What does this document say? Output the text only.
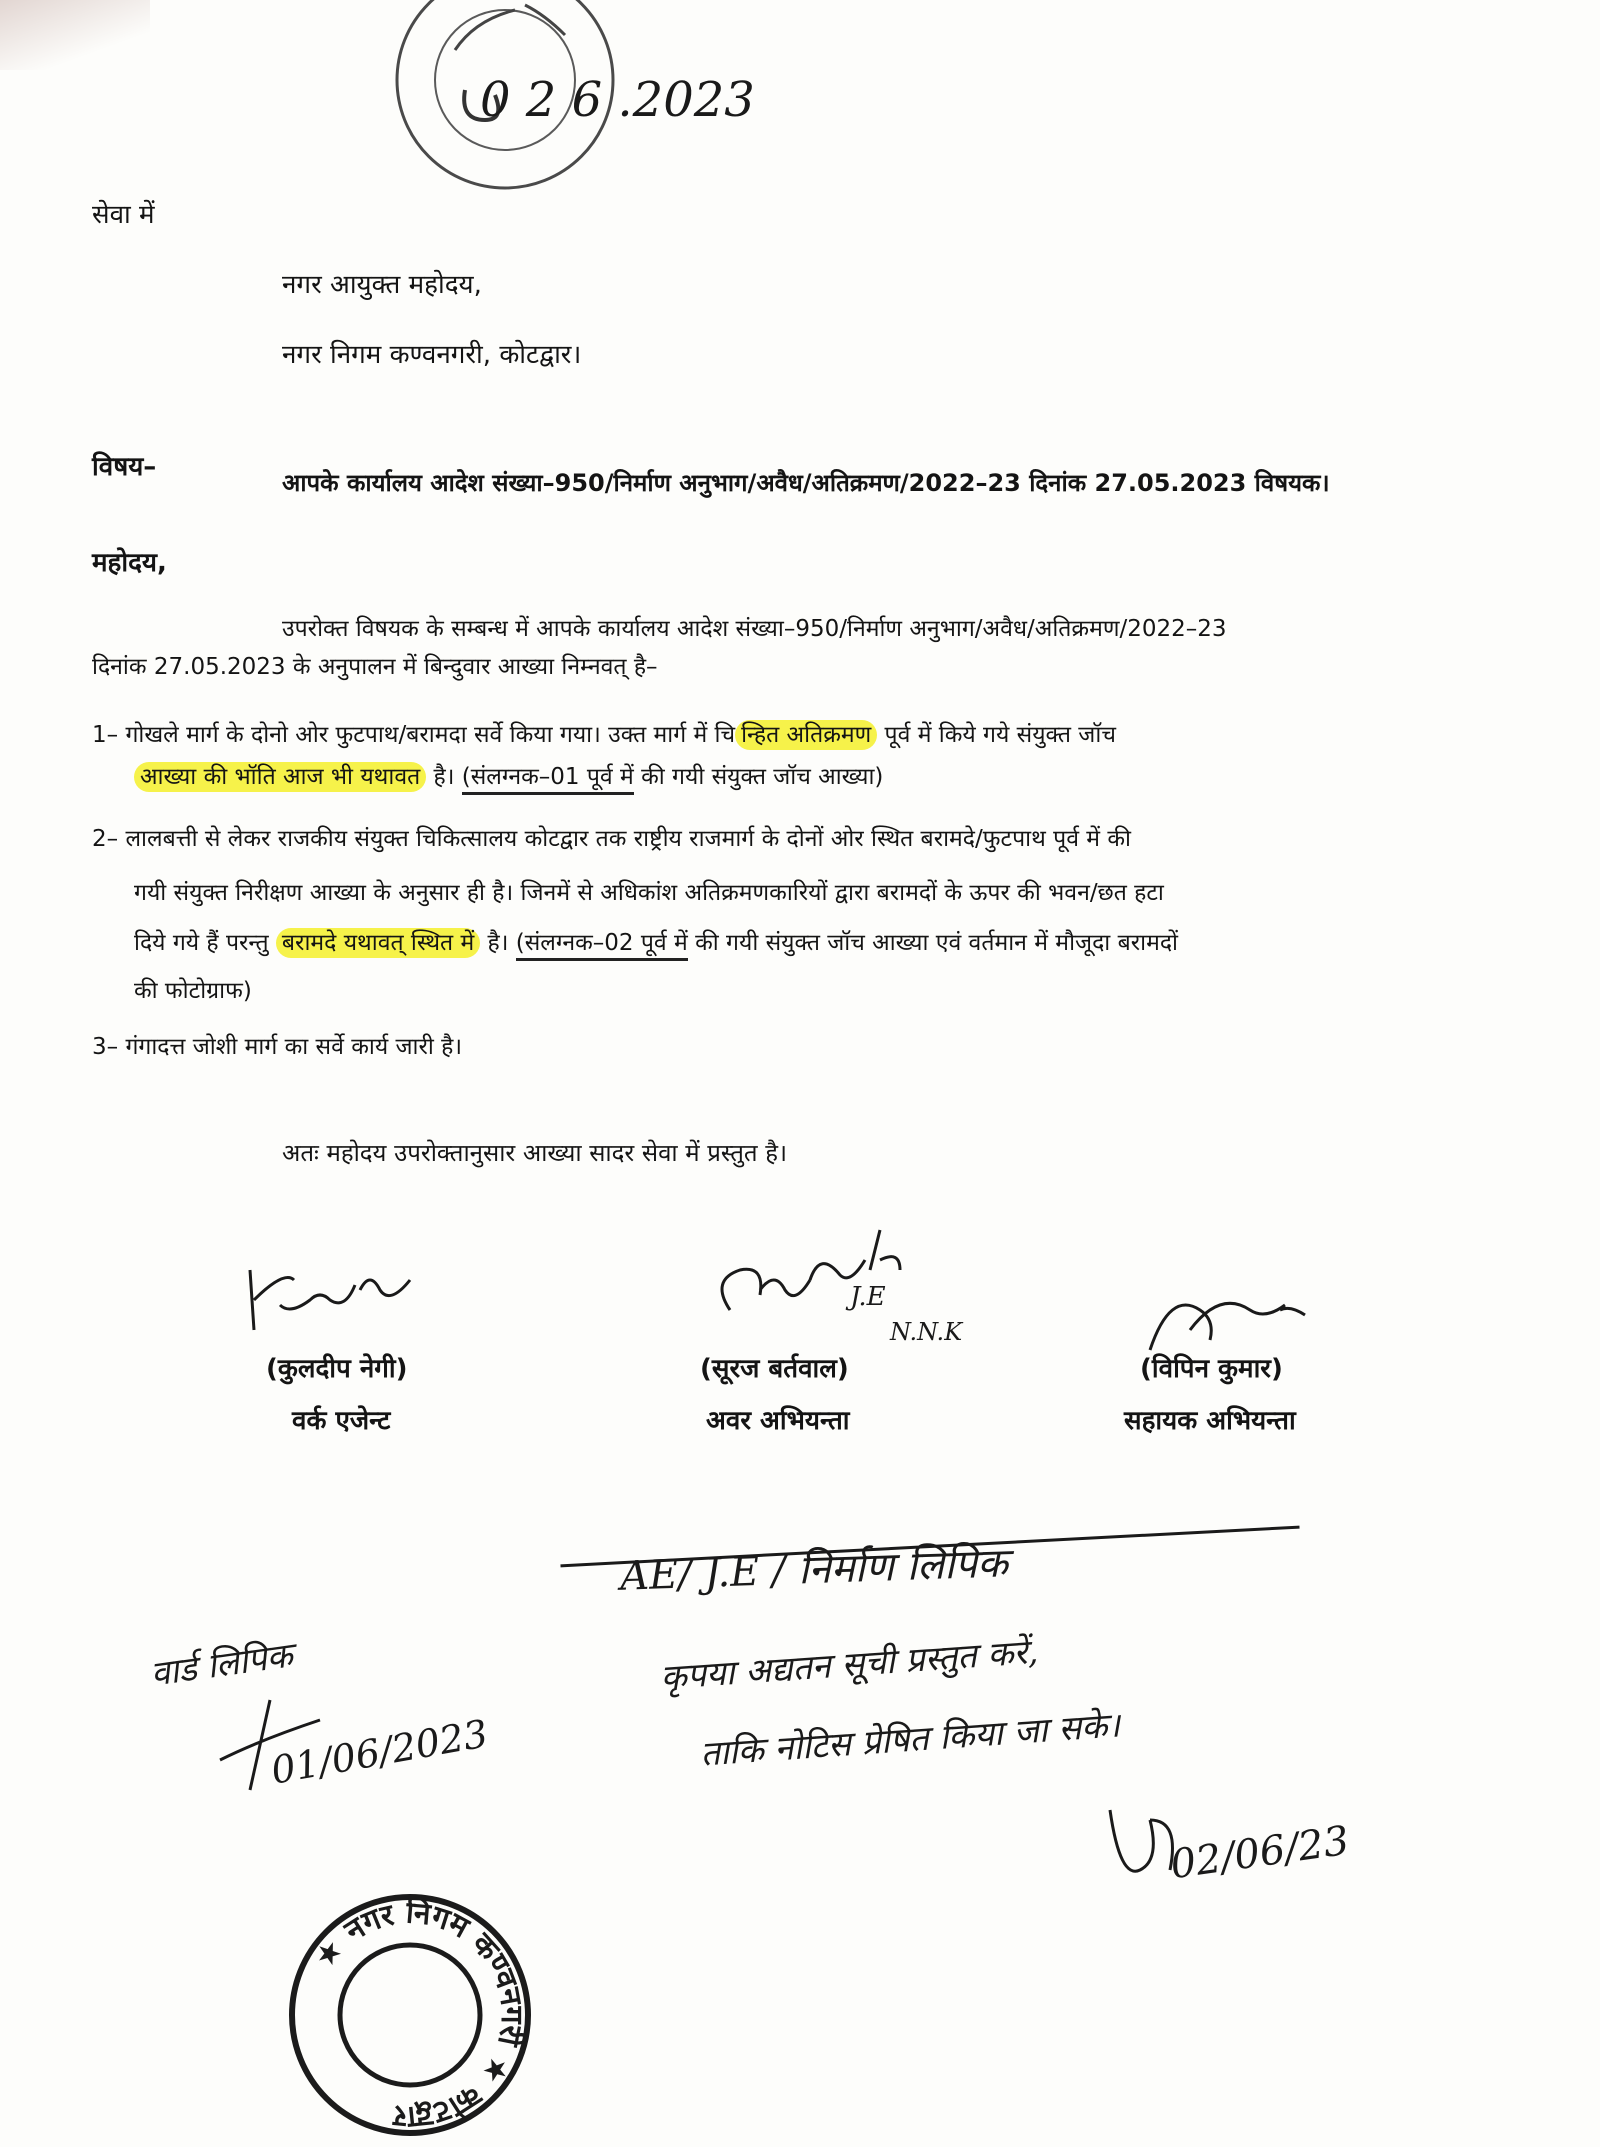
0 2 6 .2023
सेवा में
नगर आयुक्त महोदय,
नगर निगम कण्वनगरी, कोटद्वार।
विषय–
आपके कार्यालय आदेश संख्या–950/निर्माण अनुभाग/अवैध/अतिक्रमण/2022–23 दिनांक 27.05.2023 विषयक।
महोदय,
उपरोक्त विषयक के सम्बन्ध में आपके कार्यालय आदेश संख्या–950/निर्माण अनुभाग/अवैध/अतिक्रमण/2022–23
दिनांक 27.05.2023 के अनुपालन में बिन्दुवार आख्या निम्नवत् है–
1– गोखले मार्ग के दोनो ओर फुटपाथ/बरामदा सर्वे किया गया। उक्त मार्ग में चि न्हित अतिक्रमण पूर्व में किये गये संयुक्त जॉच
आख्या की भॉति आज भी यथावत है। (संलग्नक–01 पूर्व में की गयी संयुक्त जॉच आख्या)
2– लालबत्ती से लेकर राजकीय संयुक्त चिकित्सालय कोटद्वार तक राष्ट्रीय राजमार्ग के दोनों ओर स्थित बरामदे/फुटपाथ पूर्व में की
गयी संयुक्त निरीक्षण आख्या के अनुसार ही है। जिनमें से अधिकांश अतिक्रमणकारियों द्वारा बरामदों के ऊपर की भवन/छत हटा
दिये गये हैं परन्तु बरामदे यथावत् स्थित में है। (संलग्नक–02 पूर्व में की गयी संयुक्त जॉच आख्या एवं वर्तमान में मौजूदा बरामदों
की फोटोग्राफ)
3– गंगादत्त जोशी मार्ग का सर्वे कार्य जारी है।
अतः महोदय उपरोक्तानुसार आख्या सादर सेवा में प्रस्तुत है।
(कुलदीप नेगी)
वर्क एजेन्ट
J.E
N.N.K
(सूरज बर्तवाल)
अवर अभियन्ता
(विपिन कुमार)
सहायक अभियन्ता
वार्ड लिपिक
01/06/2023
AE/ J.E / निर्माण लिपिक
कृपया अद्यतन सूची प्रस्तुत करें,
ताकि नोटिस प्रेषित किया जा सके।
02/06/23
★ नगर निगम कण्वनगरी ★ कोटद्वार
